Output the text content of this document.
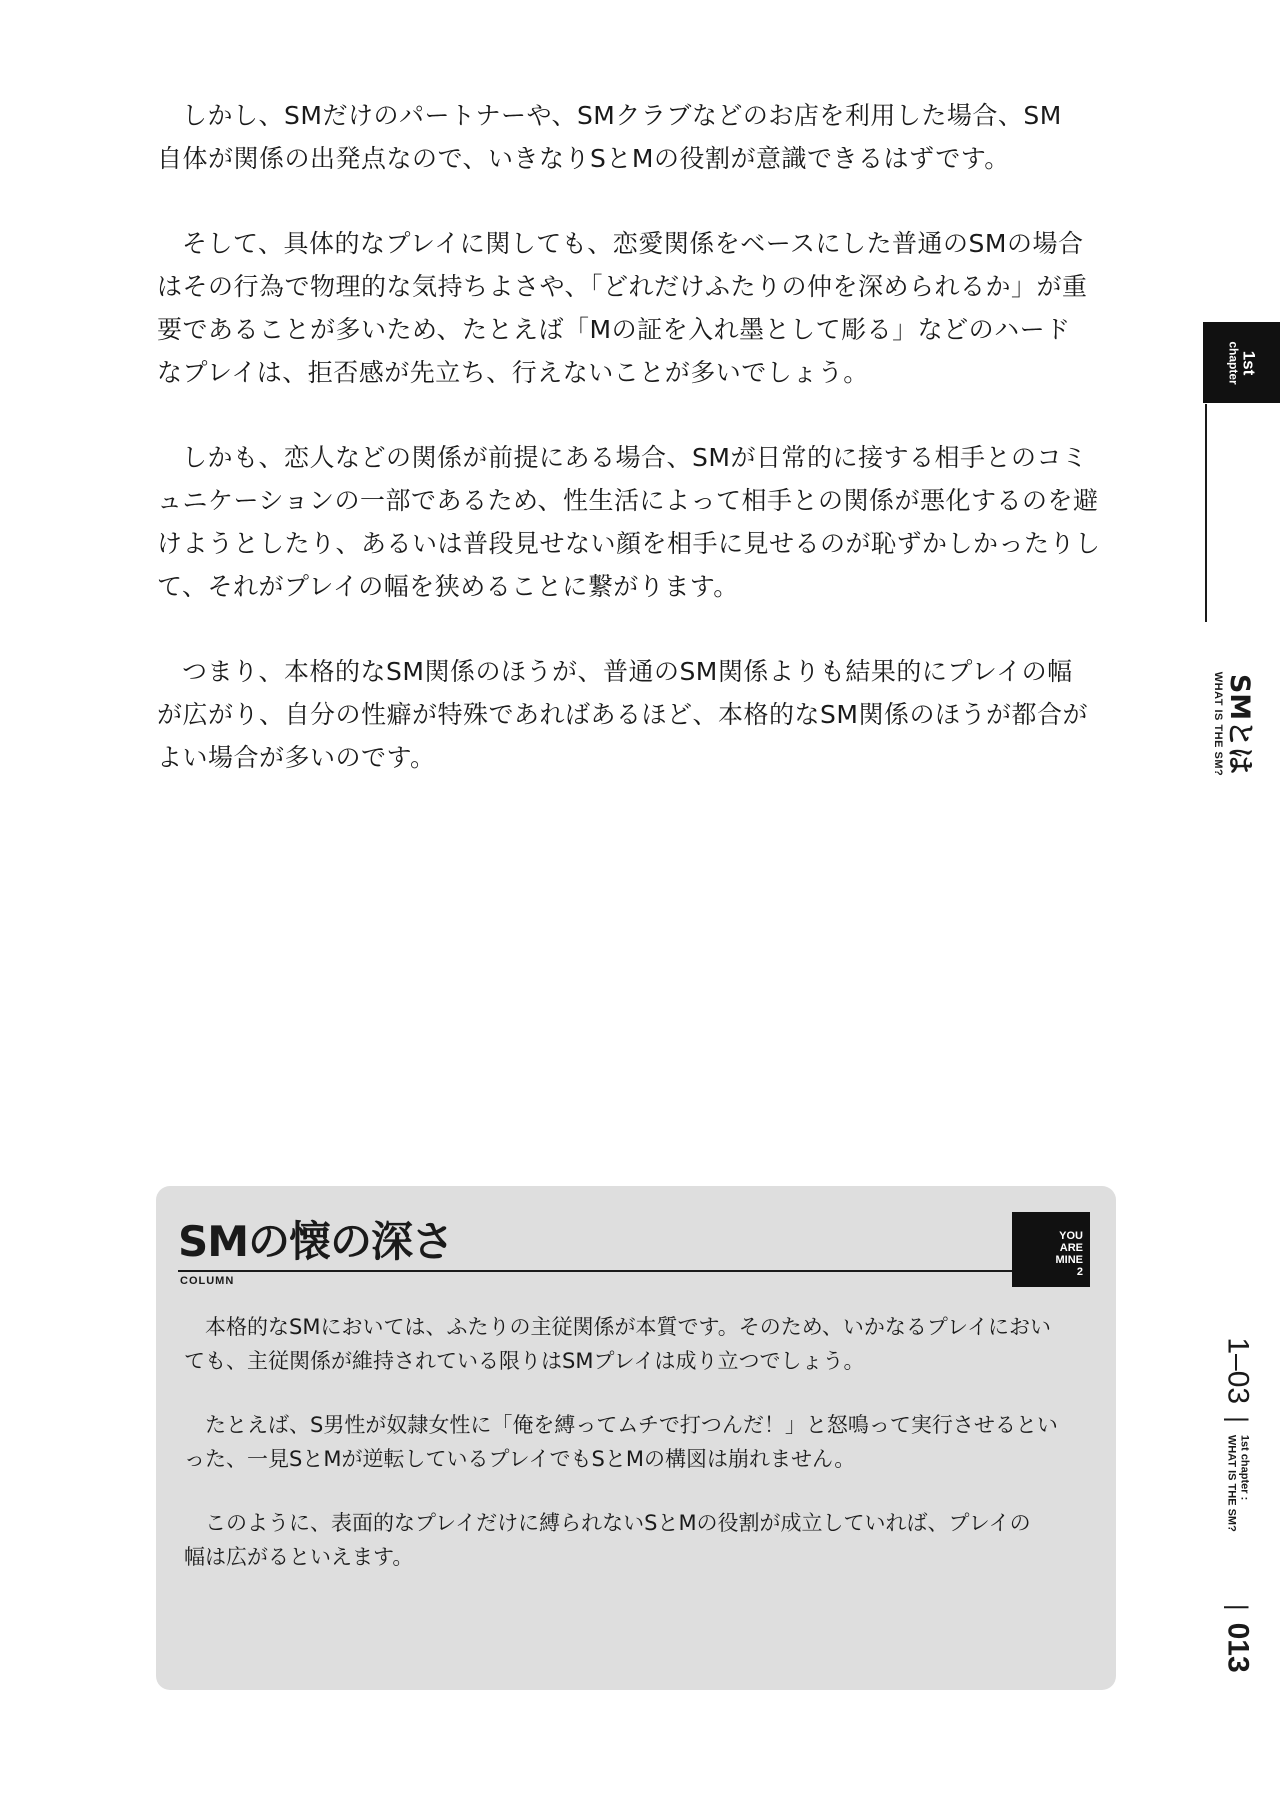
しかし、SMだけのパートナーや、SMクラブなどのお店を利用した場合、SM
自体が関係の出発点なので、いきなりSとMの役割が意識できるはずです。

そして、具体的なプレイに関しても、恋愛関係をベースにした普通のSMの場合
はその行為で物理的な気持ちよさや、「どれだけふたりの仲を深められるか」が重
要であることが多いため、たとえば「Mの証を入れ墨として彫る」などのハード
なプレイは、拒否感が先立ち、行えないことが多いでしょう。

しかも、恋人などの関係が前提にある場合、SMが日常的に接する相手とのコミ
ュニケーションの一部であるため、性生活によって相手との関係が悪化するのを避
けようとしたり、あるいは普段見せない顔を相手に見せるのが恥ずかしかったりし
て、それがプレイの幅を狭めることに繋がります。

つまり、本格的なSM関係のほうが、普通のSM関係よりも結果的にプレイの幅
が広がり、自分の性癖が特殊であればあるほど、本格的なSM関係のほうが都合が
よい場合が多いのです。

SMの懐の深さ
COLUMN
YOU
ARE
MINE
2

本格的なSMにおいては、ふたりの主従関係が本質です。そのため、いかなるプレイにおい
ても、主従関係が維持されている限りはSMプレイは成り立つでしょう。

たとえば、S男性が奴隷女性に「俺を縛ってムチで打つんだ！」と怒鳴って実行させるとい
った、一見SとMが逆転しているプレイでもSとMの構図は崩れません。

このように、表面的なプレイだけに縛られないSとMの役割が成立していれば、プレイの
幅は広がるといえます。

1st
chapter
SMとは
WHAT IS THE SM?
1–03
|
1st chapter :
WHAT IS THE SM?
|
013
